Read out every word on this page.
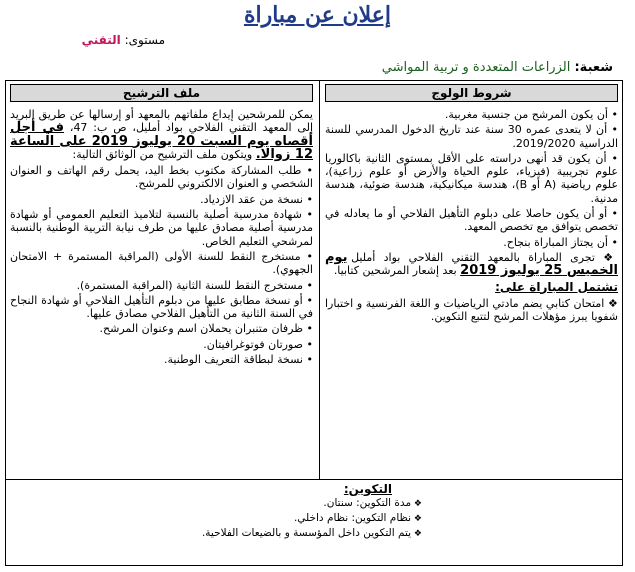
إعلان عن مباراة
مستوى: التقني
شعبة: الزراعات المتعددة و تربية المواشي
شروط الولوج
• أن يكون المرشح من جنسية مغربية.
• أن لا يتعدى عمره 30 سنة عند تاريخ الدخول المدرسي للسنة الدراسية 2019/2020.
• أن يكون قد أنهى دراسته على الأقل بمستوى الثانية باكالوريا علوم تجريبية (فيزياء، علوم الحياة والأرض أو علوم زراعية)، علوم رياضية (A أو B)، هندسة ميكانيكية، هندسة ضوئية، هندسة مدنية.
• أو أن يكون حاصلا على دبلوم التأهيل الفلاحي أو ما يعادله في تخصص يتوافق مع تخصص المعهد.
• أن يجتاز المباراة بنجاح.

❖ تجرى المباراة بالمعهد التقني الفلاحي بواد أمليل يوم الخميس 25 يوليوز 2019 بعد إشعار المرشحين كتابيا.

تشتمل المباراة على:

❖ امتحان كتابي يضم مادتي الرياضيات و اللغة الفرنسية و اختبارا شفويا يبرز مؤهلات المرشح لتتبع التكوين.

ملف الترشيح

يمكن للمرشحين إيداع ملفاتهم بالمعهد أو إرسالها عن طريق البريد إلى المعهد التقني الفلاحي بواد أمليل، ص ب: 47، في أجل أقصاه يوم السبت 20 يوليوز 2019 على الساعة 12 زوالا. ويتكون ملف الترشيح من الوثائق التالية:

• طلب المشاركة مكتوب بخط اليد، يحمل رقم الهاتف و العنوان الشخصي و العنوان الالكتروني للمرشح.
• نسخة من عقد الازدياد.
• شهادة مدرسية أصلية بالنسبة لتلاميذ التعليم العمومي أو شهادة مدرسية أصلية مصادق عليها من طرف نيابة التربية الوطنية بالنسبة لمرشحي التعليم الخاص.
• مستخرج النقط للسنة الأولى (المراقبة المستمرة + الامتحان الجهوي).
• مستخرج النقط للسنة الثانية (المراقبة المستمرة).
• أو نسخة مطابق عليها من دبلوم التأهيل الفلاحي أو شهادة النجاح في السنة الثانية من التأهيل الفلاحي مصادق عليها.
• ظرفان متنبران يحملان اسم وعنوان المرشح.
• صورتان فوتوغرافيتان.
• نسخة لبطاقة التعريف الوطنية.
التكوين:
❖ مدة التكوين: سنتان.
❖ نظام التكوين: نظام داخلي.
❖ يتم التكوين داخل المؤسسة و بالضيعات الفلاحية.
